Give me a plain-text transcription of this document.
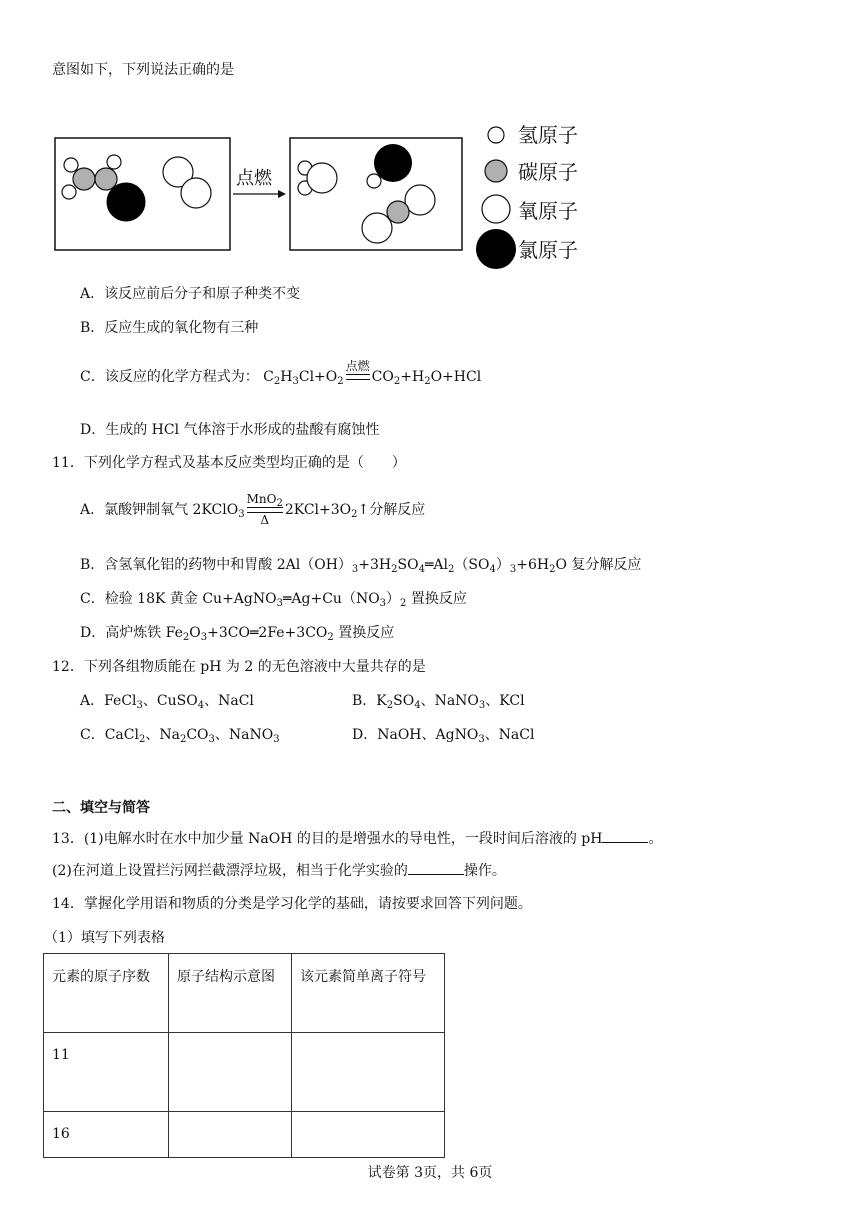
意图如下，下列说法正确的是
点燃
氢原子
碳原子
氧原子
氯原子
A．该反应前后分子和原子种类不变
B．反应生成的氧化物有三种
C．该反应的化学方程式为： $C_2H_3Cl+O_2$
点燃

$CO_2+H_2O+HCl$
D．生成的 HCl 气体溶于水形成的盐酸有腐蚀性
11．下列化学方程式及基本反应类型均正确的是（　　）
A．氯酸钾制氧气 2KClO$_3$
MnO$_2$
Δ
$2KCl+3O_2↑$分解反应
B．含氢氧化铝的药物中和胃酸 $2Al(OH)_3+3H_2SO_4═Al_2(SO_4)_3+6H_2O$ 复分解反应
C．检验 18K 黄金 $Cu+AgNO_3═Ag+Cu(NO_3)_2$ 置换反应
D．高炉炼铁 $Fe_2O_3+3CO═2Fe+3CO_2$ 置换反应
12．下列各组物质能在 pH 为 2 的无色溶液中大量共存的是
A．FeCl$_3$、CuSO$_4$、NaCl	B．$K_2SO_4$、NaNO$_3$、KCl
C．CaCl$_2$、$Na_2CO_3$、NaNO$_3$	D．NaOH、AgNO$_3$、NaCl
二、填空与简答
13．(1)电解水时在水中加少量 NaOH 的目的是增强水的导电性，一段时间后溶液的 pH	。
(2)在河道上设置拦污网拦截漂浮垃圾，相当于化学实验的	操作。
14．掌握化学用语和物质的分类是学习化学的基础，请按要求回答下列问题。
（1）填写下列表格
元素的原子序数	原子结构示意图	该元素简单离子符号
11		
16		
试卷第 3页，共 6页
